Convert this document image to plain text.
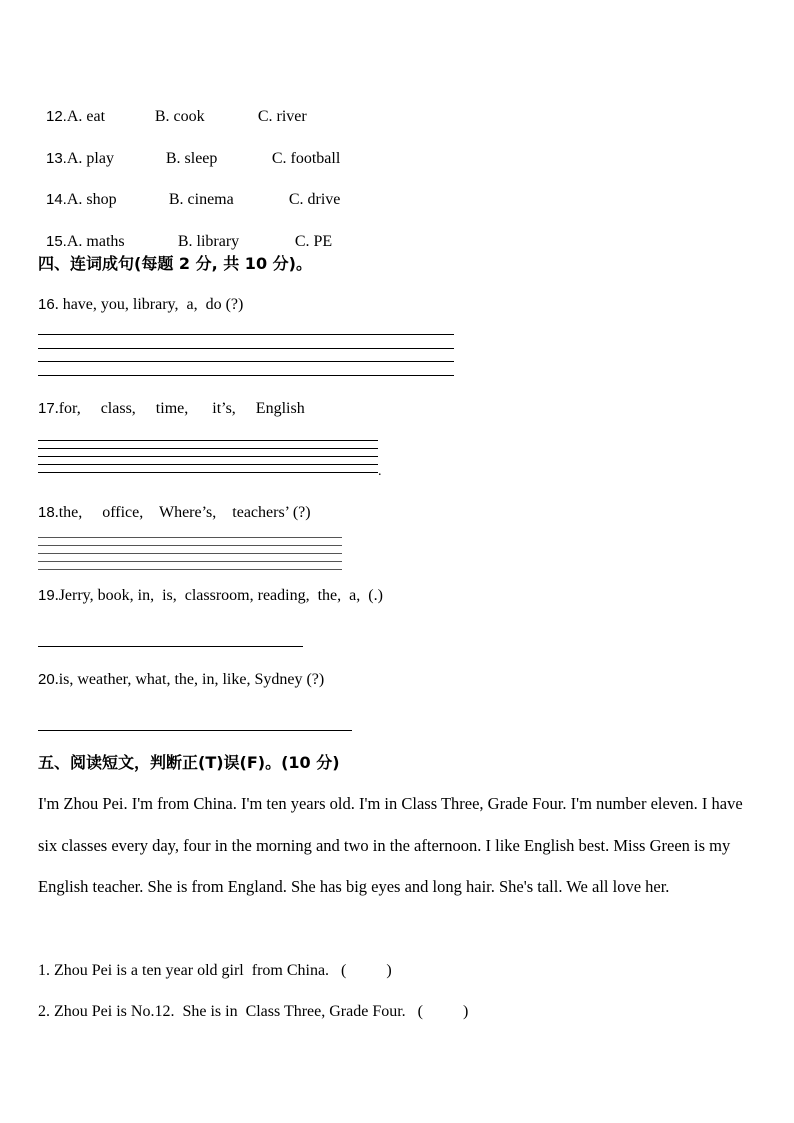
12.A. eat	B. cook	C. river

13.A. play	B. sleep	C. football

14.A. shop	B. cinema	C. drive

15.A. maths	B. library	C. PE

四、连词成句(每题 2 分, 共 10 分)。
16. have, you, library,  a,  do (?)
17.for,     class,     time,      it’s,     English
.
18.the,     office,    Where’s,    teachers’ (?)
19.Jerry, book, in,  is,  classroom, reading,  the,  a,  (.)
20.is, weather, what, the, in, like, Sydney (?)
五、阅读短文，判断正(T)误(F)。(10 分)
I'm Zhou Pei. I'm from China. I'm ten years old. I'm in Class Three, Grade Four. I'm number eleven. I have six classes every day, four in the morning and two in the afternoon. I like English best. Miss Green is my English teacher. She is from England. She has big eyes and long hair. She's tall. We all love her.
1. Zhou Pei is a ten year old girl  from China.   (          )
2. Zhou Pei is No.12.  She is in  Class Three, Grade Four.   (          )
